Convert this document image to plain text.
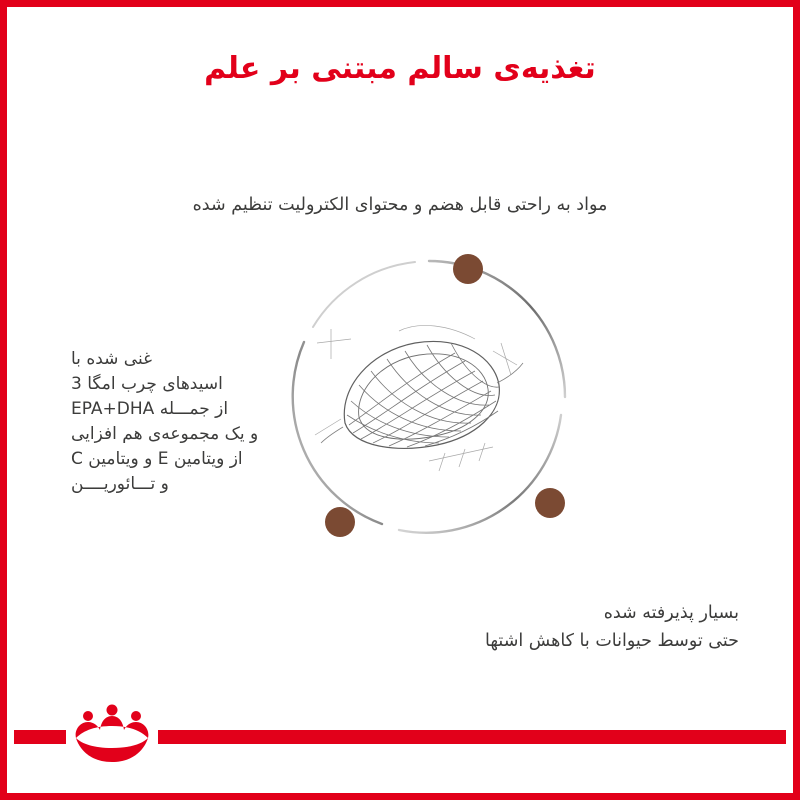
تغذیه‌ی سالم مبتنی بر علم
مواد به راحتی قابل هضم و محتوای الکترولیت تنظیم شده
غنی شده با
اسیدهای چرب امگا 3
از جمـــله EPA+DHA
و یک مجموعه‌ی هم افزایی
از ویتامین E و ویتامین C
و تـــائوریــــن
بسیار پذیرفته شده
حتی توسط حیوانات با کاهش اشتها
